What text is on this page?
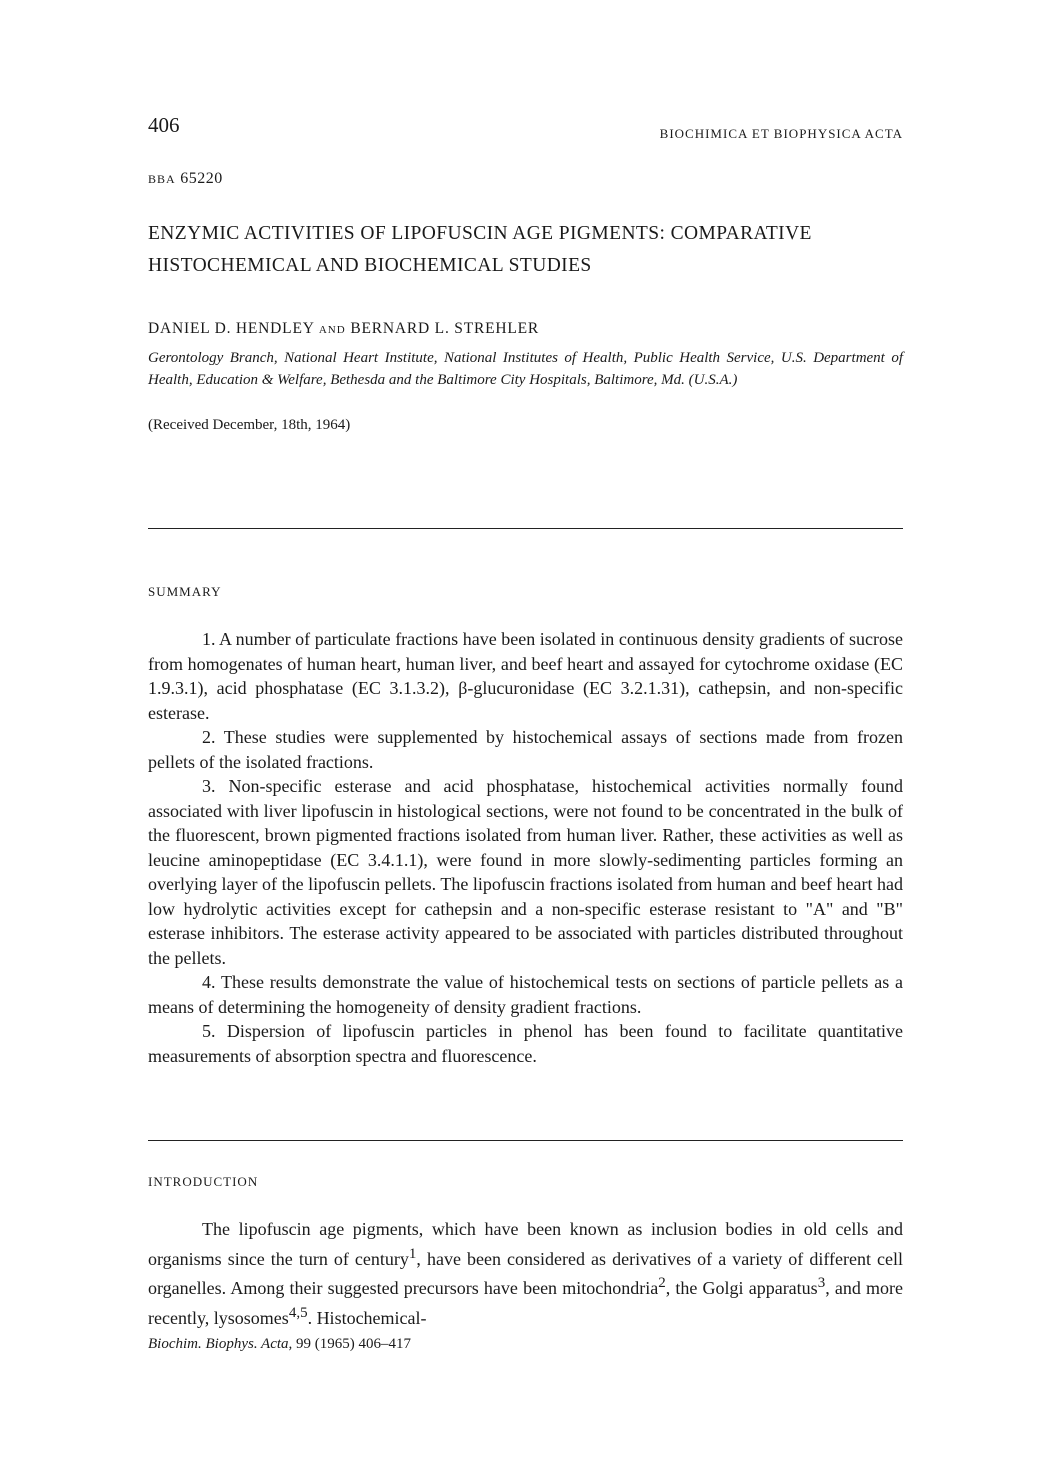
406	BIOCHIMICA ET BIOPHYSICA ACTA
BBA 65220
ENZYMIC ACTIVITIES OF LIPOFUSCIN AGE PIGMENTS: COMPARATIVE HISTOCHEMICAL AND BIOCHEMICAL STUDIES
DANIEL D. HENDLEY AND BERNARD L. STREHLER
Gerontology Branch, National Heart Institute, National Institutes of Health, Public Health Service, U.S. Department of Health, Education & Welfare, Bethesda and the Baltimore City Hospitals, Baltimore, Md. (U.S.A.)
(Received December, 18th, 1964)
SUMMARY

1. A number of particulate fractions have been isolated in continuous density gradients of sucrose from homogenates of human heart, human liver, and beef heart and assayed for cytochrome oxidase (EC 1.9.3.1), acid phosphatase (EC 3.1.3.2), β-glucuronidase (EC 3.2.1.31), cathepsin, and non-specific esterase.

2. These studies were supplemented by histochemical assays of sections made from frozen pellets of the isolated fractions.

3. Non-specific esterase and acid phosphatase, histochemical activities normally found associated with liver lipofuscin in histological sections, were not found to be concentrated in the bulk of the fluorescent, brown pigmented fractions isolated from human liver. Rather, these activities as well as leucine aminopeptidase (EC 3.4.1.1), were found in more slowly-sedimenting particles forming an overlying layer of the lipofuscin pellets. The lipofuscin fractions isolated from human and beef heart had low hydrolytic activities except for cathepsin and a non-specific esterase resistant to "A" and "B" esterase inhibitors. The esterase activity appeared to be associated with particles distributed throughout the pellets.

4. These results demonstrate the value of histochemical tests on sections of particle pellets as a means of determining the homogeneity of density gradient fractions.

5. Dispersion of lipofuscin particles in phenol has been found to facilitate quantitative measurements of absorption spectra and fluorescence.

INTRODUCTION

The lipofuscin age pigments, which have been known as inclusion bodies in old cells and organisms since the turn of century$^1$, have been considered as derivatives of a variety of different cell organelles. Among their suggested precursors have been mitochondria$^2$, the Golgi apparatus$^3$, and more recently, lysosomes$^{4,5}$. Histochemical-

Biochim. Biophys. Acta, 99 (1965) 406–417
